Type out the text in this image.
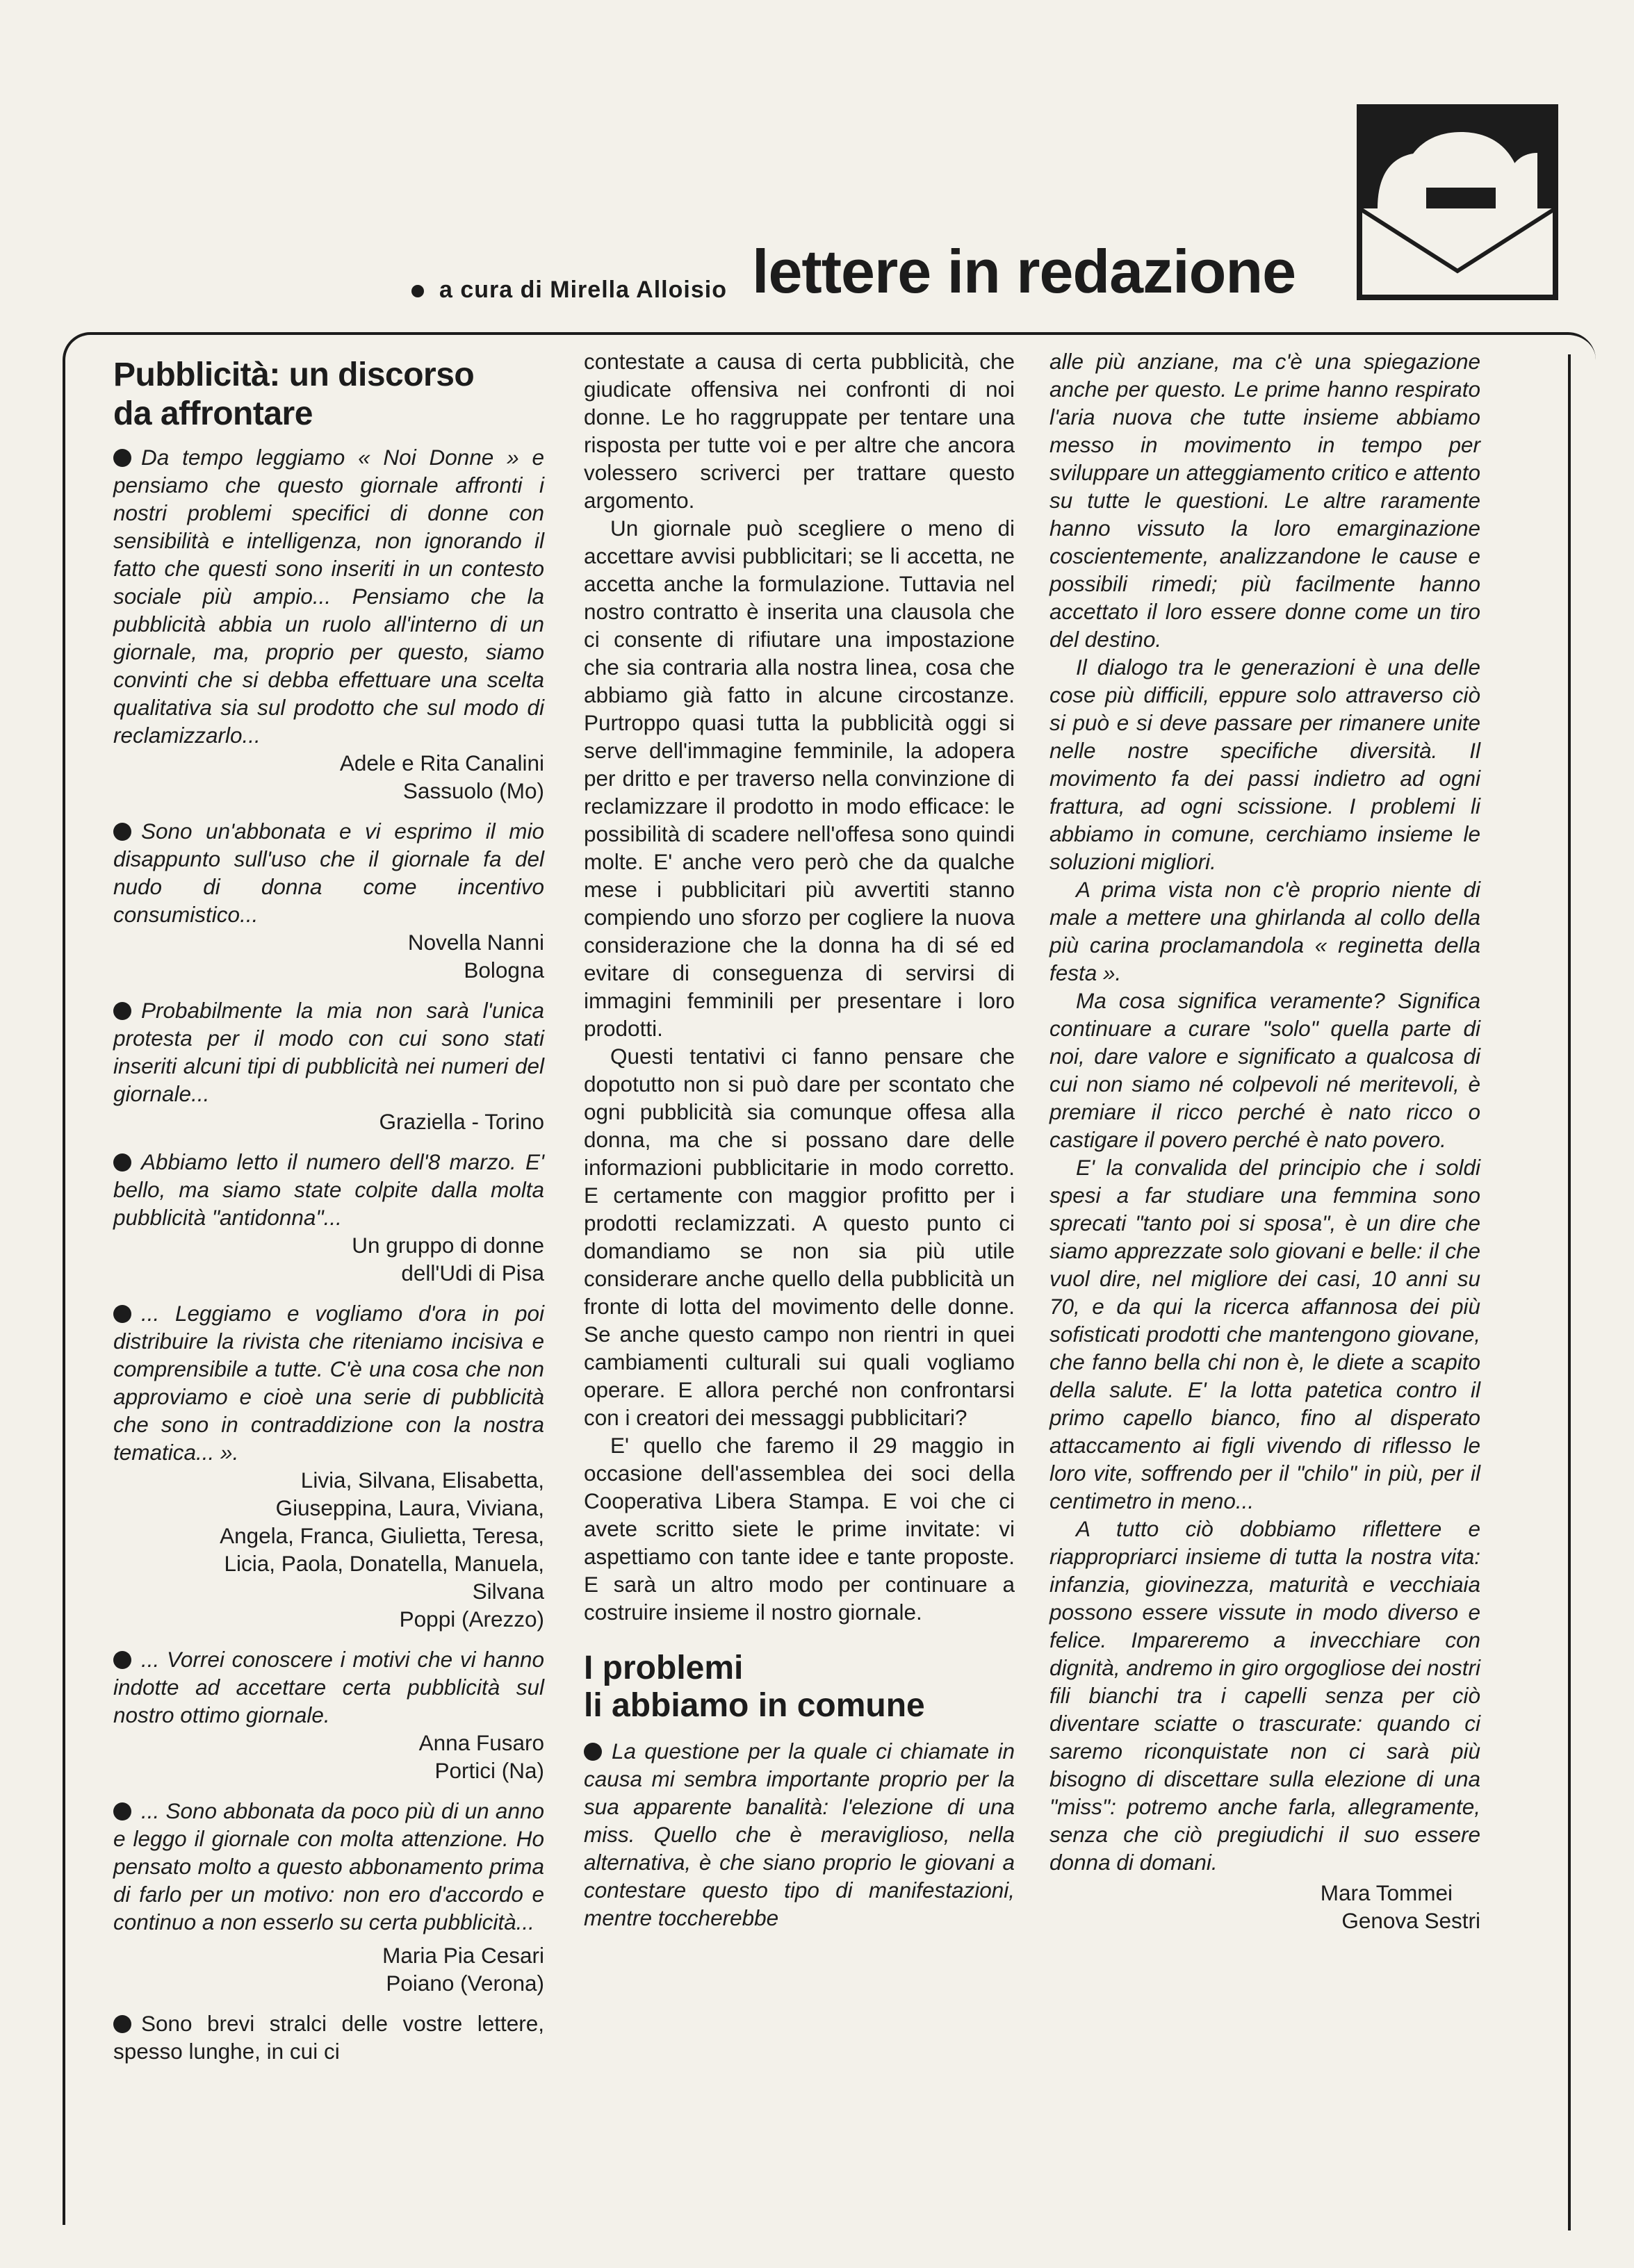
a cura di Mirella Alloisio lettere in redazione
Pubblicità: un discorso
da affrontare

Da tempo leggiamo « Noi Donne » e pensiamo che questo giornale affronti i nostri problemi specifici di donne con sensibilità e intelligenza, non ignorando il fatto che questi sono inseriti in un contesto sociale più ampio... Pensiamo che la pubblicità abbia un ruolo all'interno di un giornale, ma, proprio per questo, siamo convinti che si debba effettuare una scelta qualitativa sia sul prodotto che sul modo di reclamizzarlo...

Adele e Rita Canalini

Sassuolo (Mo)

Sono un'abbonata e vi esprimo il mio disappunto sull'uso che il giornale fa del nudo di donna come incentivo consumistico...

Novella Nanni

Bologna

Probabilmente la mia non sarà l'unica protesta per il modo con cui sono stati inseriti alcuni tipi di pubblicità nei numeri del giornale...

Graziella - Torino

Abbiamo letto il numero dell'8 marzo. E' bello, ma siamo state colpite dalla molta pubblicità "antidonna"...

Un gruppo di donne

dell'Udi di Pisa

... Leggiamo e vogliamo d'ora in poi distribuire la rivista che riteniamo incisiva e comprensibile a tutte. C'è una cosa che non approviamo e cioè una serie di pubblicità che sono in contraddizione con la nostra tematica... ».

Livia, Silvana, Elisabetta, Giuseppina, Laura, Viviana, Angela, Franca, Giulietta, Teresa, Licia, Paola, Donatella, Manuela, Silvana

Poppi (Arezzo)

... Vorrei conoscere i motivi che vi hanno indotte ad accettare certa pubblicità sul nostro ottimo giornale.

Anna Fusaro

Portici (Na)

... Sono abbonata da poco più di un anno e leggo il giornale con molta attenzione. Ho pensato molto a questo abbonamento prima di farlo per un motivo: non ero d'accordo e continuo a non esserlo su certa pubblicità...

Maria Pia Cesari

Poiano (Verona)

Sono brevi stralci delle vostre lettere, spesso lunghe, in cui ci

contestate a causa di certa pubblicità, che giudicate offensiva nei confronti di noi donne. Le ho raggruppate per tentare una risposta per tutte voi e per altre che ancora volessero scriverci per trattare questo argomento.

Un giornale può scegliere o meno di accettare avvisi pubblicitari; se li accetta, ne accetta anche la formulazione. Tuttavia nel nostro contratto è inserita una clausola che ci consente di rifiutare una impostazione che sia contraria alla nostra linea, cosa che abbiamo già fatto in alcune circostanze. Purtroppo quasi tutta la pubblicità oggi si serve dell'immagine femminile, la adopera per dritto e per traverso nella convinzione di reclamizzare il prodotto in modo efficace: le possibilità di scadere nell'offesa sono quindi molte. E' anche vero però che da qualche mese i pubblicitari più avvertiti stanno compiendo uno sforzo per cogliere la nuova considerazione che la donna ha di sé ed evitare di conseguenza di servirsi di immagini femminili per presentare i loro prodotti.

Questi tentativi ci fanno pensare che dopotutto non si può dare per scontato che ogni pubblicità sia comunque offesa alla donna, ma che si possano dare delle informazioni pubblicitarie in modo corretto. E certamente con maggior profitto per i prodotti reclamizzati. A questo punto ci domandiamo se non sia più utile considerare anche quello della pubblicità un fronte di lotta del movimento delle donne. Se anche questo campo non rientri in quei cambiamenti culturali sui quali vogliamo operare. E allora perché non confrontarsi con i creatori dei messaggi pubblicitari?

E' quello che faremo il 29 maggio in occasione dell'assemblea dei soci della Cooperativa Libera Stampa. E voi che ci avete scritto siete le prime invitate: vi aspettiamo con tante idee e tante proposte. E sarà un altro modo per continuare a costruire insieme il nostro giornale.

I problemi
li abbiamo in comune

La questione per la quale ci chiamate in causa mi sembra importante proprio per la sua apparente banalità: l'elezione di una miss. Quello che è meraviglioso, nella alternativa, è che siano proprio le giovani a contestare questo tipo di manifestazioni, mentre toccherebbe

alle più anziane, ma c'è una spiegazione anche per questo. Le prime hanno respirato l'aria nuova che tutte insieme abbiamo messo in movimento in tempo per sviluppare un atteggiamento critico e attento su tutte le questioni. Le altre raramente hanno vissuto la loro emarginazione coscientemente, analizzandone le cause e possibili rimedi; più facilmente hanno accettato il loro essere donne come un tiro del destino.

Il dialogo tra le generazioni è una delle cose più difficili, eppure solo attraverso ciò si può e si deve passare per rimanere unite nelle nostre specifiche diversità. Il movimento fa dei passi indietro ad ogni frattura, ad ogni scissione. I problemi li abbiamo in comune, cerchiamo insieme le soluzioni migliori.

A prima vista non c'è proprio niente di male a mettere una ghirlanda al collo della più carina proclamandola « reginetta della festa ».

Ma cosa significa veramente? Significa continuare a curare "solo" quella parte di noi, dare valore e significato a qualcosa di cui non siamo né colpevoli né meritevoli, è premiare il ricco perché è nato ricco o castigare il povero perché è nato povero.

E' la convalida del principio che i soldi spesi a far studiare una femmina sono sprecati "tanto poi si sposa", è un dire che siamo apprezzate solo giovani e belle: il che vuol dire, nel migliore dei casi, 10 anni su 70, e da qui la ricerca affannosa dei più sofisticati prodotti che mantengono giovane, che fanno bella chi non è, le diete a scapito della salute. E' la lotta patetica contro il primo capello bianco, fino al disperato attaccamento ai figli vivendo di riflesso le loro vite, soffrendo per il "chilo" in più, per il centimetro in meno...

A tutto ciò dobbiamo riflettere e riappropriarci insieme di tutta la nostra vita: infanzia, giovinezza, maturità e vecchiaia possono essere vissute in modo diverso e felice. Impareremo a invecchiare con dignità, andremo in giro orgogliose dei nostri fili bianchi tra i capelli senza per ciò diventare sciatte o trascurate: quando ci saremo riconquistate non ci sarà più bisogno di discettare sulla elezione di una "miss": potremo anche farla, allegramente, senza che ciò pregiudichi il suo essere donna di domani.

Mara Tommei

Genova Sestri
